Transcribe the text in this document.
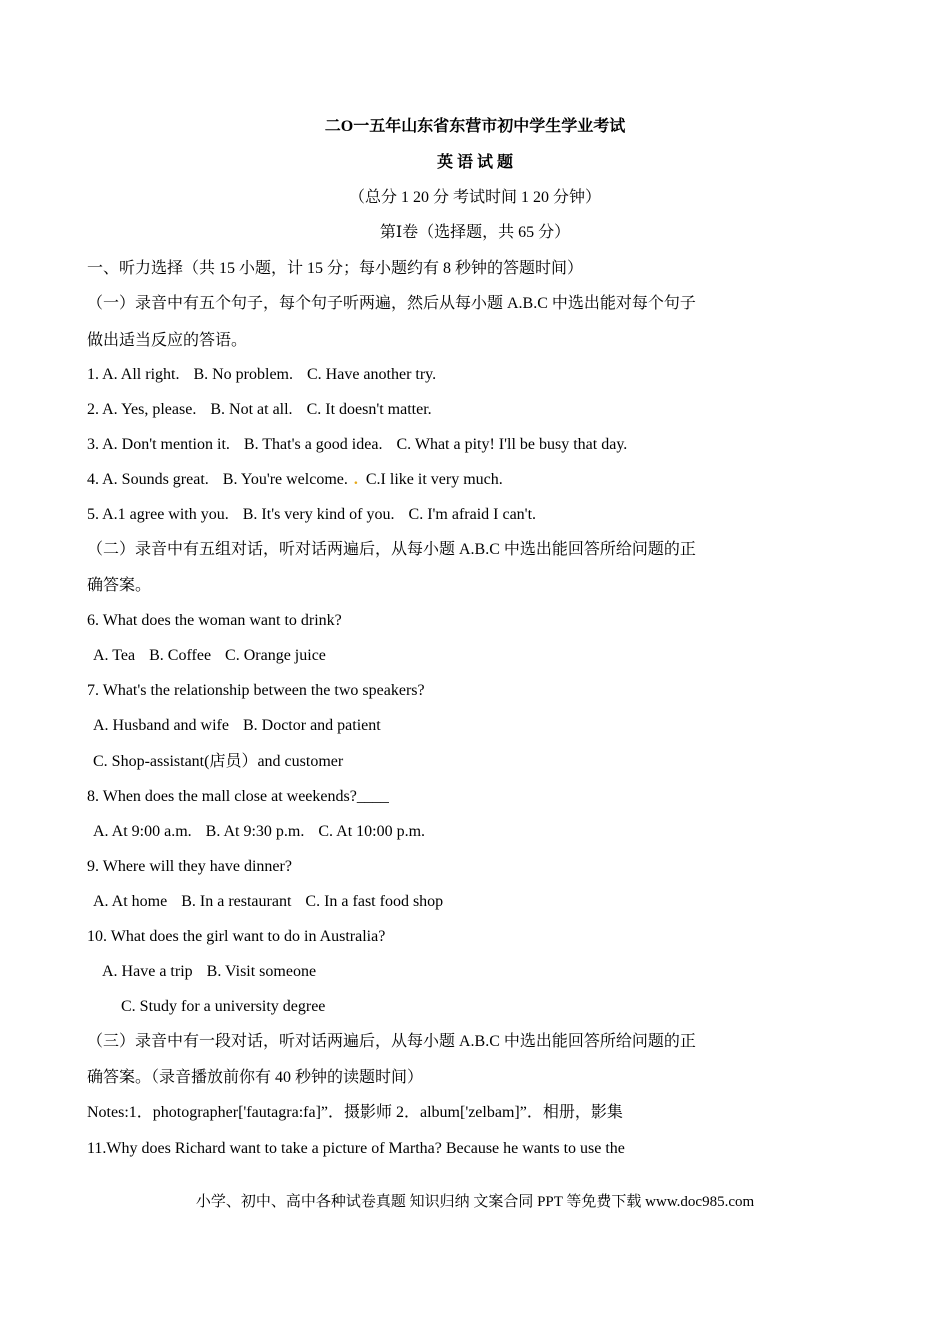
二O一五年山东省东营市初中学生学业考试
英 语 试 题
（总分 1 20 分 考试时间 1 20 分钟）
第Ⅰ卷（选择题，共 65 分）
一、听力选择（共 15 小题，计 15 分；每小题约有 8 秒钟的答题时间）
（一）录音中有五个句子，每个句子听两遍，然后从每小题 A.B.C 中选出能对每个句子
做出适当反应的答语。
1. A. All right. B. No problem. C. Have another try.
2. A. Yes, please. B. Not at all. C. It doesn't matter.
3. A. Don't mention it. B. That's a good idea. C. What a pity! I'll be busy that day.
4. A. Sounds great. B. You're welcome. . C.I like it very much.
5. A.1 agree with you. B. It's very kind of you. C. I'm afraid I can't.
（二）录音中有五组对话，听对话两遍后，从每小题 A.B.C 中选出能回答所给问题的正
确答案。
6. What does the woman want to drink?
A. Tea B. Coffee C. Orange juice
7. What's the relationship between the two speakers?
A. Husband and wife B. Doctor and patient
C. Shop-assistant(店员）and customer
8. When does the mall close at weekends?____
A. At 9:00 a.m. B. At 9:30 p.m. C. At 10:00 p.m.
9. Where will they have dinner?
A. At home B. In a restaurant C. In a fast food shop
10. What does the girl want to do in Australia?
A. Have a trip B. Visit someone
C. Study for a university degree
（三）录音中有一段对话，听对话两遍后，从每小题 A.B.C 中选出能回答所给问题的正
确答案。（录音播放前你有 40 秒钟的读题时间）
Notes:1．photographer['fautagra:fa]”．摄影师 2．album['zelbam]”．相册，影集
11.Why does Richard want to take a picture of Martha? Because he wants to use the
小学、初中、高中各种试卷真题 知识归纳 文案合同 PPT 等免费下载 www.doc985.com
